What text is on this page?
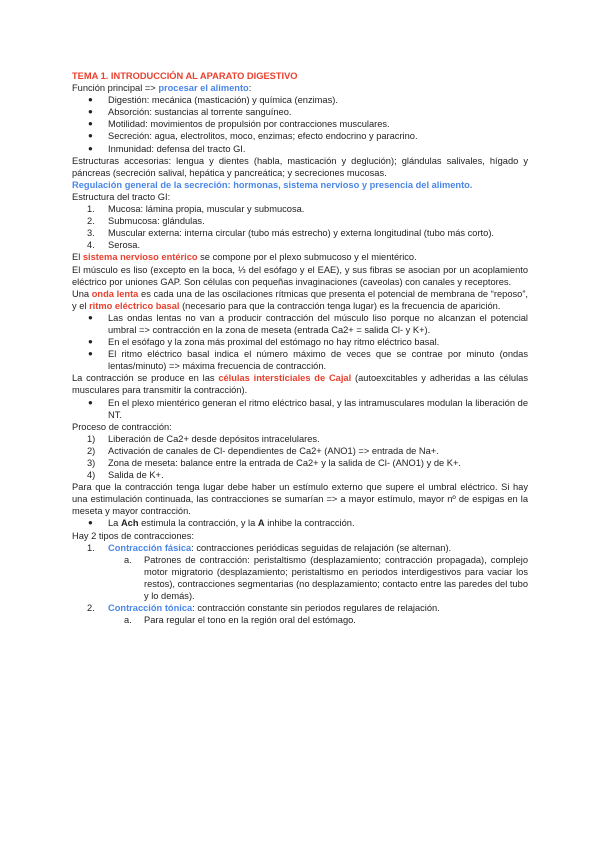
TEMA 1. INTRODUCCIÓN AL APARATO DIGESTIVO

Función principal => procesar el alimento:

● Digestión: mecánica (masticación) y química (enzimas).
● Absorción: sustancias al torrente sanguíneo.
● Motilidad: movimientos de propulsión por contracciones musculares.
● Secreción: agua, electrolitos, moco, enzimas; efecto endocrino y paracrino.
● Inmunidad: defensa del tracto GI.

Estructuras accesorias: lengua y dientes (habla, masticación y deglución); glándulas salivales, hígado y páncreas (secreción salival, hepática y pancreática; y secreciones mucosas.

Regulación general de la secreción: hormonas, sistema nervioso y presencia del alimento.

Estructura del tracto GI:

1. Mucosa: lámina propia, muscular y submucosa.
2. Submucosa: glándulas.
3. Muscular externa: interna circular (tubo más estrecho) y externa longitudinal (tubo más corto).
4. Serosa.

El sistema nervioso entérico se compone por el plexo submucoso y el mientérico.

El músculo es liso (excepto en la boca, ⅓ del esófago y el EAE), y sus fibras se asocian por un acoplamiento eléctrico por uniones GAP. Son células con pequeñas invaginaciones (caveolas) con canales y receptores.

Una onda lenta es cada una de las oscilaciones rítmicas que presenta el potencial de membrana de “reposo”, y el ritmo eléctrico basal (necesario para que la contracción tenga lugar) es la frecuencia de aparición.

● Las ondas lentas no van a producir contracción del músculo liso porque no alcanzan el potencial umbral => contracción en la zona de meseta (entrada Ca2+ = salida Cl- y K+).
● En el esófago y la zona más proximal del estómago no hay ritmo eléctrico basal.
● El ritmo eléctrico basal indica el número máximo de veces que se contrae por minuto (ondas lentas/minuto) => máxima frecuencia de contracción.

La contracción se produce en las células intersticiales de Cajal (autoexcitables y adheridas a las células musculares para transmitir la contracción).

● En el plexo mientérico generan el ritmo eléctrico basal, y las intramusculares modulan la liberación de NT.

Proceso de contracción:

1) Liberación de Ca2+ desde depósitos intracelulares.
2) Activación de canales de Cl- dependientes de Ca2+ (ANO1) => entrada de Na+.
3) Zona de meseta: balance entre la entrada de Ca2+ y la salida de Cl- (ANO1) y de K+.
4) Salida de K+.

Para que la contracción tenga lugar debe haber un estímulo externo que supere el umbral eléctrico. Si hay una estimulación continuada, las contracciones se sumarían => a mayor estímulo, mayor nº de espigas en la meseta y mayor contracción.

● La Ach estimula la contracción, y la A inhibe la contracción.

Hay 2 tipos de contracciones:

1. Contracción fásica: contracciones periódicas seguidas de relajación (se alternan).
a. Patrones de contracción: peristaltismo (desplazamiento; contracción propagada), complejo motor migratorio (desplazamiento; peristaltismo en periodos interdigestivos para vaciar los restos), contracciones segmentarias (no desplazamiento; contacto entre las paredes del tubo y lo demás).
2. Contracción tónica: contracción constante sin periodos regulares de relajación.
a. Para regular el tono en la región oral del estómago.
